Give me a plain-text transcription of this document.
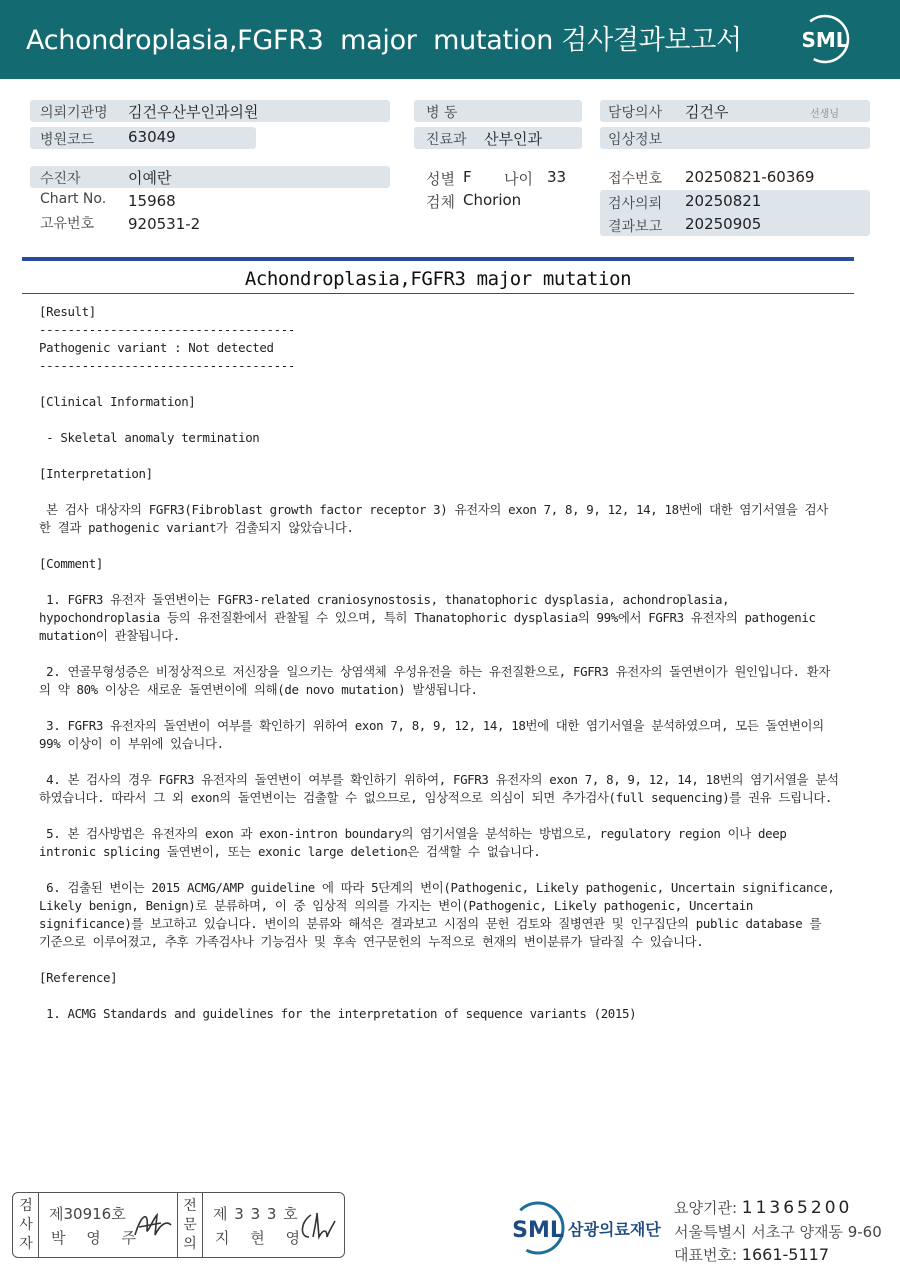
Achondroplasia,FGFR3  major  mutation 검사결과보고서	SML
의뢰기관명 김건우산부인과의원
병원코드 63049
병 동
진료과 산부인과
담당의사 김건우	선생님
임상정보
수진자	이예란
Chart No. 15968
고유번호 920531-2
성별 F 나이 33
검체 Chorion
접수번호 20250821-60369
검사의뢰 20250821
결과보고 20250905
Achondroplasia,FGFR3 major mutation

[Result]

------------------------------------

Pathogenic variant : Not detected

------------------------------------

[Clinical Information]

- Skeletal anomaly termination

[Interpretation]

본 검사 대상자의 FGFR3(Fibroblast growth factor receptor 3) 유전자의 exon 7, 8, 9, 12, 14, 18번에 대한 염기서열을 검사한 결과 pathogenic variant가 검출되지 않았습니다.

[Comment]

1. FGFR3 유전자 돌연변이는 FGFR3-related craniosynostosis, thanatophoric dysplasia, achondroplasia, hypochondroplasia 등의 유전질환에서 관찰될 수 있으며, 특히 Thanatophoric dysplasia의 99%에서 FGFR3 유전자의 pathogenic mutation이 관찰됩니다.

2. 연골무형성증은 비정상적으로 저신장을 일으키는 상염색체 우성유전을 하는 유전질환으로, FGFR3 유전자의 돌연변이가 원인입니다. 환자의 약 80% 이상은 새로운 돌연변이에 의해(de novo mutation) 발생됩니다.

3. FGFR3 유전자의 돌연변이 여부를 확인하기 위하여 exon 7, 8, 9, 12, 14, 18번에 대한 염기서열을 분석하였으며, 모든 돌연변이의 99% 이상이 이 부위에 있습니다.

4. 본 검사의 경우 FGFR3 유전자의 돌연변이 여부를 확인하기 위하여, FGFR3 유전자의 exon 7, 8, 9, 12, 14, 18번의 염기서열을 분석하였습니다. 따라서 그 외 exon의 돌연변이는 검출할 수 없으므로, 임상적으로 의심이 되면 추가검사(full sequencing)를 권유 드립니다.

5. 본 검사방법은 유전자의 exon 과 exon-intron boundary의 염기서열을 분석하는 방법으로, regulatory region 이나 deep intronic splicing 돌연변이, 또는 exonic large deletion은 검색할 수 없습니다.

6. 검출된 변이는 2015 ACMG/AMP guideline 에 따라 5단계의 변이(Pathogenic, Likely pathogenic, Uncertain significance, Likely benign, Benign)로 분류하며, 이 중 임상적 의의를 가지는 변이(Pathogenic, Likely pathogenic, Uncertain significance)를 보고하고 있습니다. 변이의 분류와 해석은 결과보고 시점의 문헌 검토와 질병연관 및 인구집단의 public database 를 기준으로 이루어졌고, 추후 가족검사나 기능검사 및 후속 연구문헌의 누적으로 현재의 변이분류가 달라질 수 있습니다.

[Reference]

1. ACMG Standards and guidelines for the interpretation of sequence variants (2015)

검
사
자
제30916호
박 영 주
전
문
의
제 3 3 3 호
지 현 영	SML 삼광의료재단
요양기관: 11365200
서울특별시 서초구 양재동 9-60
대표번호: 1661-5117
